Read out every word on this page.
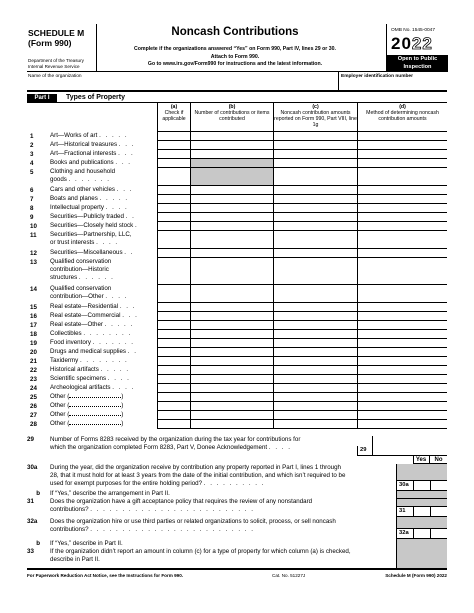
SCHEDULE M
(Form 990)
Department of the Treasury
Internal Revenue Service
Noncash Contributions
Complete if the organizations answered “Yes” on Form 990, Part IV, lines 29 or 30.
Attach to Form 990.
Go to www.irs.gov/Form990 for instructions and the latest information.
OMB No. 1545-0047
2022
Open to Public
Inspection
Name of the organization	Employer identification number
Part I	Types of Property
(a)
Check if applicable
(b)
Number of contributions or items contributed
(c)
Noncash contribution amounts reported on Form 990, Part VIII, line 1g
(d)
Method of determining noncash contribution amounts
1	Art—Works of art . . . . .
2	Art—Historical treasures . . .
3	Art—Fractional interests . . .
4	Books and publications . . .
5	Clothing and household
goods . . . . . . .
6	Cars and other vehicles . . .
7	Boats and planes . . . . .
8	Intellectual property . . . .
9	Securities—Publicly traded . .
10	Securities—Closely held stock .
11	Securities—Partnership, LLC,
or trust interests . . . .
12	Securities—Miscellaneous . .
13	Qualified conservation
contribution—Historic
structures . . . . . .
14	Qualified conservation
contribution—Other . . . .
15	Real estate—Residential . . .
16	Real estate—Commercial . . .
17	Real estate—Other . . . . .
18	Collectibles . . . . . . . .
19	Food inventory . . . . . . .
20	Drugs and medical supplies . .
21	Taxidermy . . . . . . . .
22	Historical artifacts . . . . .
23	Scientific specimens . . . .
24	Archeological artifacts . . . .
25	Other (	)
26	Other (	)
27	Other (	)
28	Other (	)
29	Number of Forms 8283 received by the organization during the tax year for contributions for
which the organization completed Form 8283, Part V, Donee Acknowledgement . . . .	29
Yes	No
30a	During the year, did the organization receive by contribution any property reported in Part I, lines 1 through
28, that it must hold for at least 3 years from the date of the initial contribution, and which isn’t required to be
used for exempt purposes for the entire holding period? . . . . . . . . . .	30a
b If “Yes,” describe the arrangement in Part II.
31	Does the organization have a gift acceptance policy that requires the review of any nonstandard
contributions? . . . . . . . . . . . . . . . . . . . . . . . . . .	31
32a	Does the organization hire or use third parties or related organizations to solicit, process, or sell noncash
contributions? . . . . . . . . . . . . . . . . . . . . . . . . . .	32a
b If “Yes,” describe in Part II.
33	If the organization didn’t report an amount in column (c) for a type of property for which column (a) is checked,
describe in Part II.
For Paperwork Reduction Act Notice, see the Instructions for Form 990.	Cat. No. 51227J	Schedule M (Form 990) 2022
